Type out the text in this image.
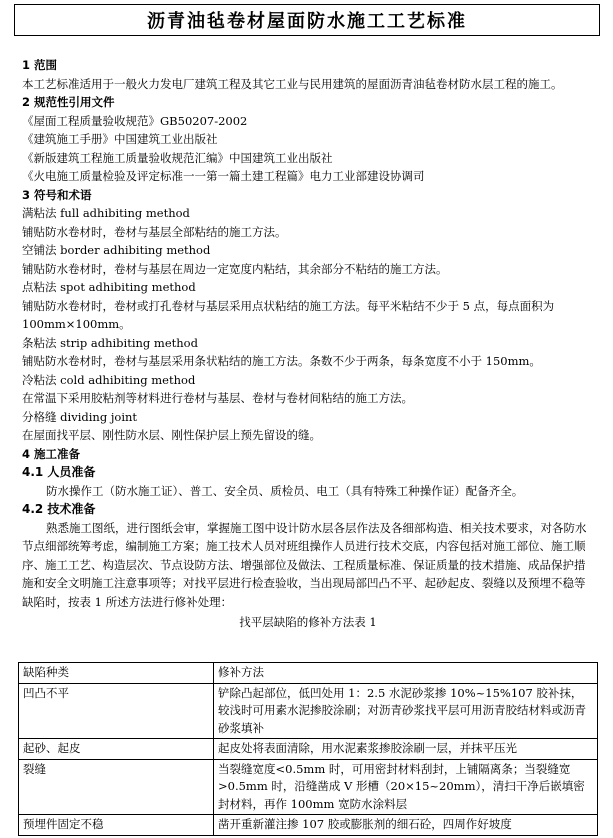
沥青油毡卷材屋面防水施工工艺标准

1 范围

本工艺标准适用于一般火力发电厂建筑工程及其它工业与民用建筑的屋面沥青油毡卷材防水层工程的施工。

2 规范性引用文件

《屋面工程质量验收规范》GB50207-2002

《建筑施工手册》中国建筑工业出版社

《新版建筑工程施工质量验收规范汇编》中国建筑工业出版社

《火电施工质量检验及评定标准一一第一篇土建工程篇》电力工业部建设协调司

3 符号和术语

满粘法 full adhibiting method

铺贴防水卷材时，卷材与基层全部粘结的施工方法。

空铺法 border adhibiting method

铺贴防水卷材时，卷材与基层在周边一定宽度内粘结，其余部分不粘结的施工方法。

点粘法 spot adhibiting method

铺贴防水卷材时，卷材或打孔卷材与基层采用点状粘结的施工方法。每平米粘结不少于 5 点，每点面积为 100mm×100mm。

条粘法 strip adhibiting method

铺贴防水卷材时，卷材与基层采用条状粘结的施工方法。条数不少于两条，每条宽度不小于 150mm。

冷粘法 cold adhibiting method

在常温下采用胶粘剂等材料进行卷材与基层、卷材与卷材间粘结的施工方法。

分格缝 dividing joint

在屋面找平层、刚性防水层、刚性保护层上预先留设的缝。

4 施工准备

4.1 人员准备

防水操作工（防水施工证）、普工、安全员、质检员、电工（具有特殊工种操作证）配备齐全。

4.2 技术准备

熟悉施工图纸，进行图纸会审，掌握施工图中设计防水层各层作法及各细部构造、相关技术要求，对各防水节点细部统筹考虑，编制施工方案；施工技术人员对班组操作人员进行技术交底，内容包括对施工部位、施工顺序、施工工艺、构造层次、节点设防方法、增强部位及做法、工程质量标准、保证质量的技术措施、成品保护措施和安全文明施工注意事项等；对找平层进行检查验收，当出现局部凹凸不平、起砂起皮、裂缝以及预埋不稳等缺陷时，按表 1 所述方法进行修补处理：

找平层缺陷的修补方法表 1

缺陷种类	修补方法
凹凸不平	铲除凸起部位，低凹处用 1：2.5 水泥砂浆掺 10%~15%107 胶补抹，较浅时可用素水泥掺胶涂刷；对沥青砂浆找平层可用沥青胶结材料或沥青砂浆填补
起砂、起皮	起皮处将表面清除，用水泥素浆掺胶涂刷一层，并抹平压光
裂缝	当裂缝宽度<0.5mm 时，可用密封材料刮封，上铺隔离条；当裂缝宽>0.5mm 时，沿缝凿成 V 形槽（20×15~20mm），清扫干净后嵌填密封材料，再作 100mm 宽防水涂料层
预埋件固定不稳	凿开重新灌注掺 107 胶或膨胀剂的细石砼，四周作好坡度
